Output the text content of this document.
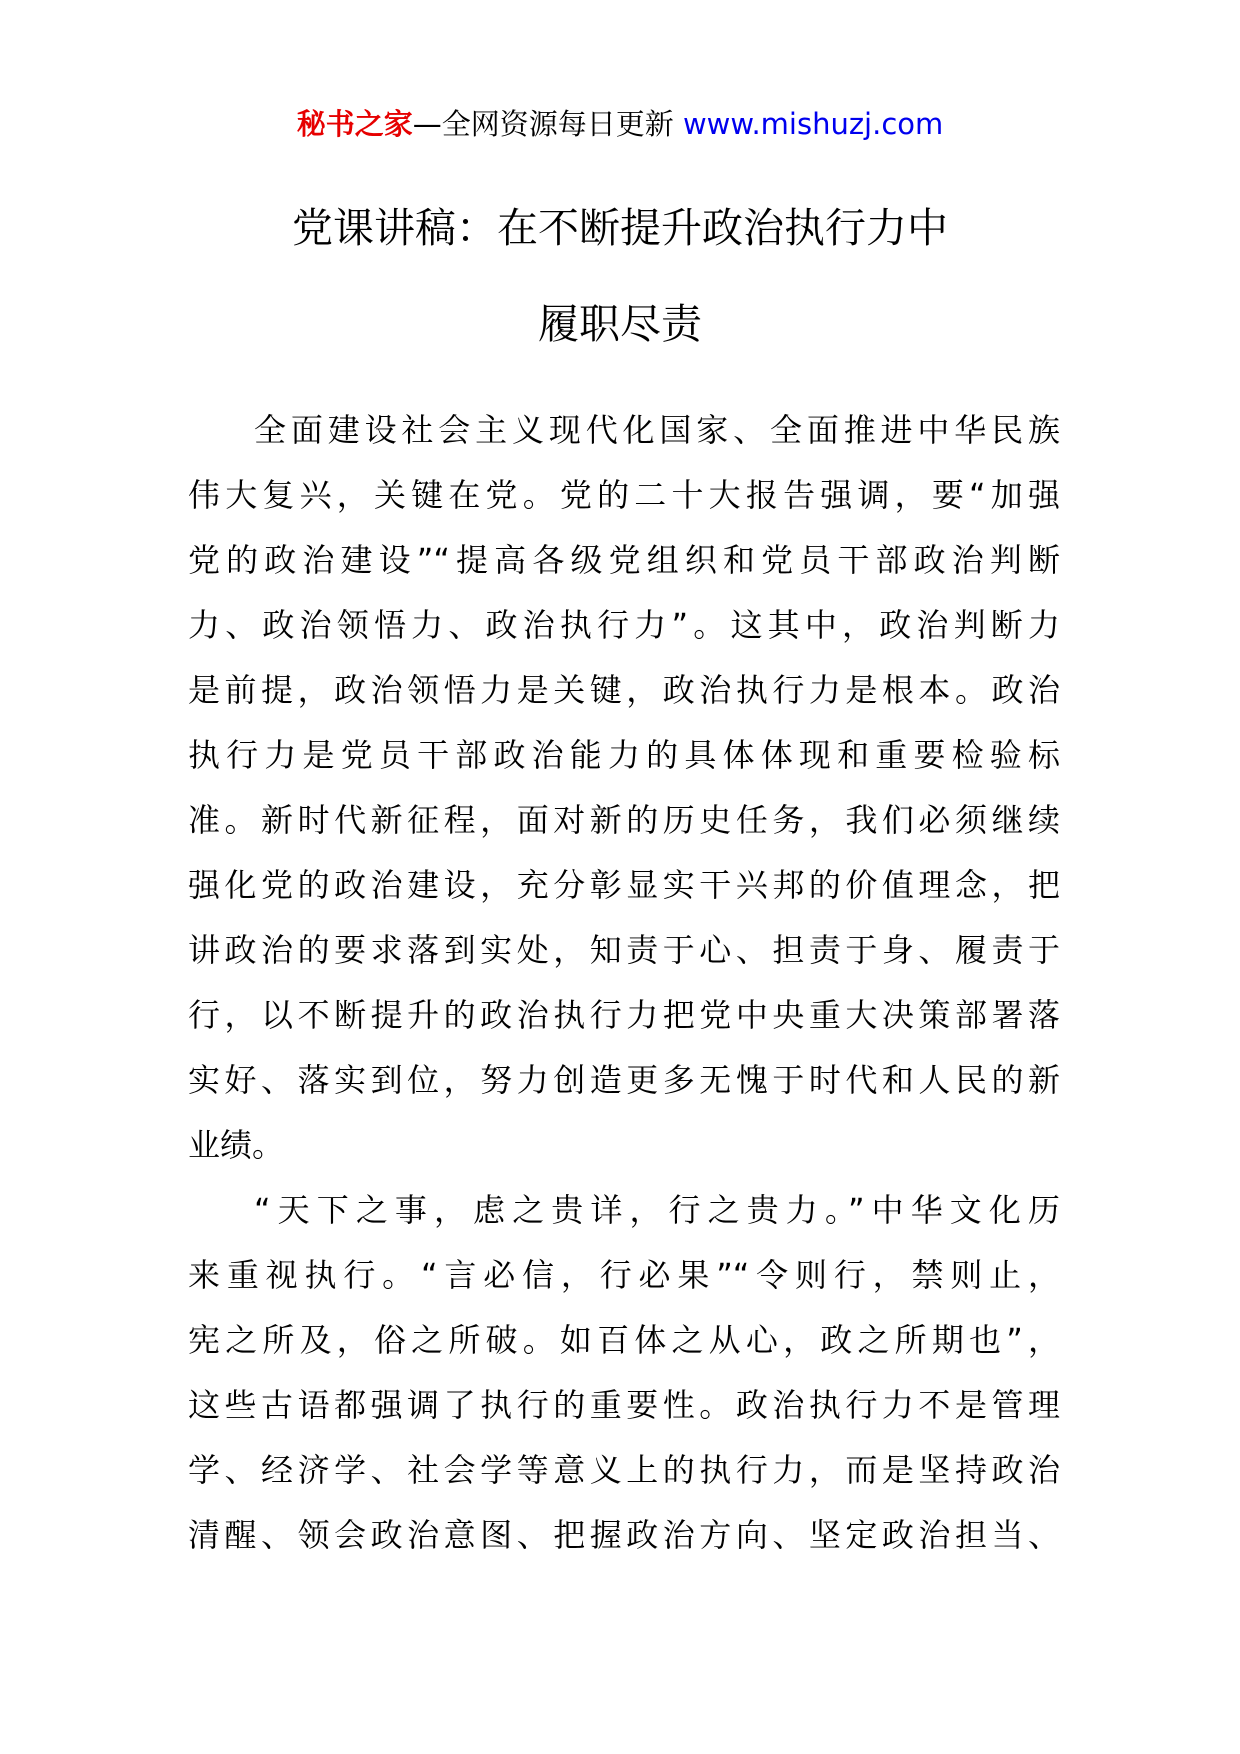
秘书之家—全网资源每日更新 www.mishuzj.com
党课讲稿：在不断提升政治执行力中
履职尽责

全面建设社会主义现代化国家、全面推进中华民族
伟大复兴，关键在党。党的二十大报告强调，要“加强
党的政治建设”“提高各级党组织和党员干部政治判断
力、政治领悟力、政治执行力”。这其中，政治判断力
是前提，政治领悟力是关键，政治执行力是根本。政治
执行力是党员干部政治能力的具体体现和重要检验标
准。新时代新征程，面对新的历史任务，我们必须继续
强化党的政治建设，充分彰显实干兴邦的价值理念，把
讲政治的要求落到实处，知责于心、担责于身、履责于
行，以不断提升的政治执行力把党中央重大决策部署落
实好、落实到位，努力创造更多无愧于时代和人民的新
业绩。

“天下之事，虑之贵详，行之贵力。”中华文化历
来重视执行。“言必信，行必果”“令则行，禁则止，
宪之所及，俗之所破。如百体之从心，政之所期也”，
这些古语都强调了执行的重要性。政治执行力不是管理
学、经济学、社会学等意义上的执行力，而是坚持政治
清醒、领会政治意图、把握政治方向、坚定政治担当、
